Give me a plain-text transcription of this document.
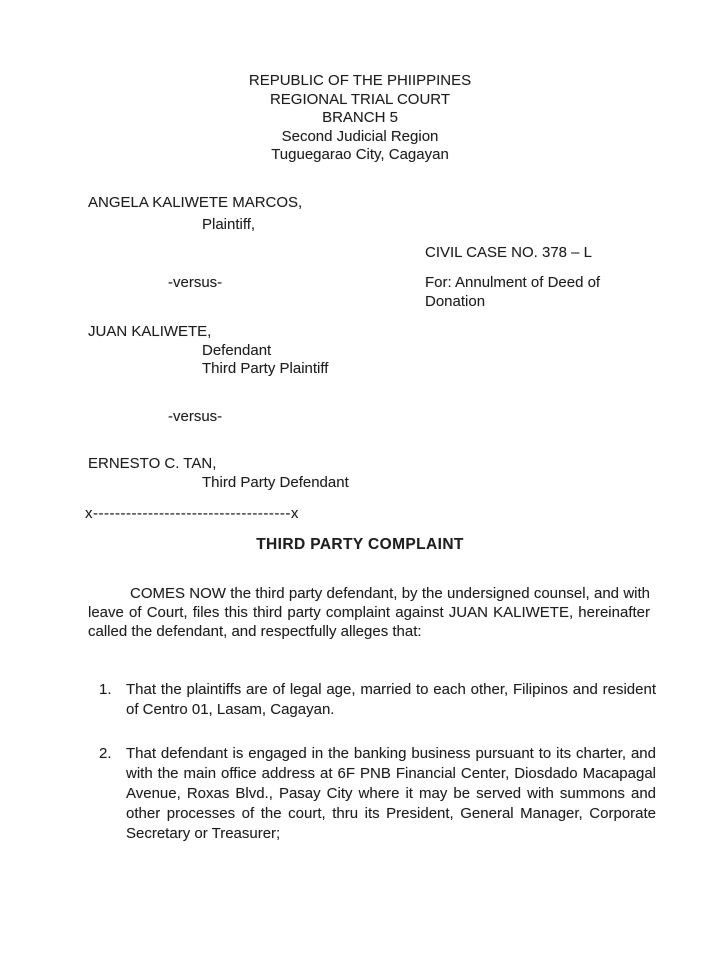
REPUBLIC OF THE PHIIPPINES
REGIONAL TRIAL COURT
BRANCH 5
Second Judicial Region
Tuguegarao City, Cagayan
ANGELA KALIWETE MARCOS,
Plaintiff,
CIVIL CASE NO. 378 – L
-versus-	For: Annulment of Deed of Donation
JUAN KALIWETE,
Defendant
Third Party Plaintiff
-versus-
ERNESTO C. TAN,
Third Party Defendant
x------------------------------------x
THIRD PARTY COMPLAINT
COMES NOW the third party defendant, by the undersigned counsel, and with leave of Court, files this third party complaint against JUAN KALIWETE, hereinafter called the defendant, and respectfully alleges that:
1. That the plaintiffs are of legal age, married to each other, Filipinos and resident of Centro 01, Lasam, Cagayan.
2. That defendant is engaged in the banking business pursuant to its charter, and with the main office address at 6F PNB Financial Center, Diosdado Macapagal Avenue, Roxas Blvd., Pasay City where it may be served with summons and other processes of the court, thru its President, General Manager, Corporate Secretary or Treasurer;
